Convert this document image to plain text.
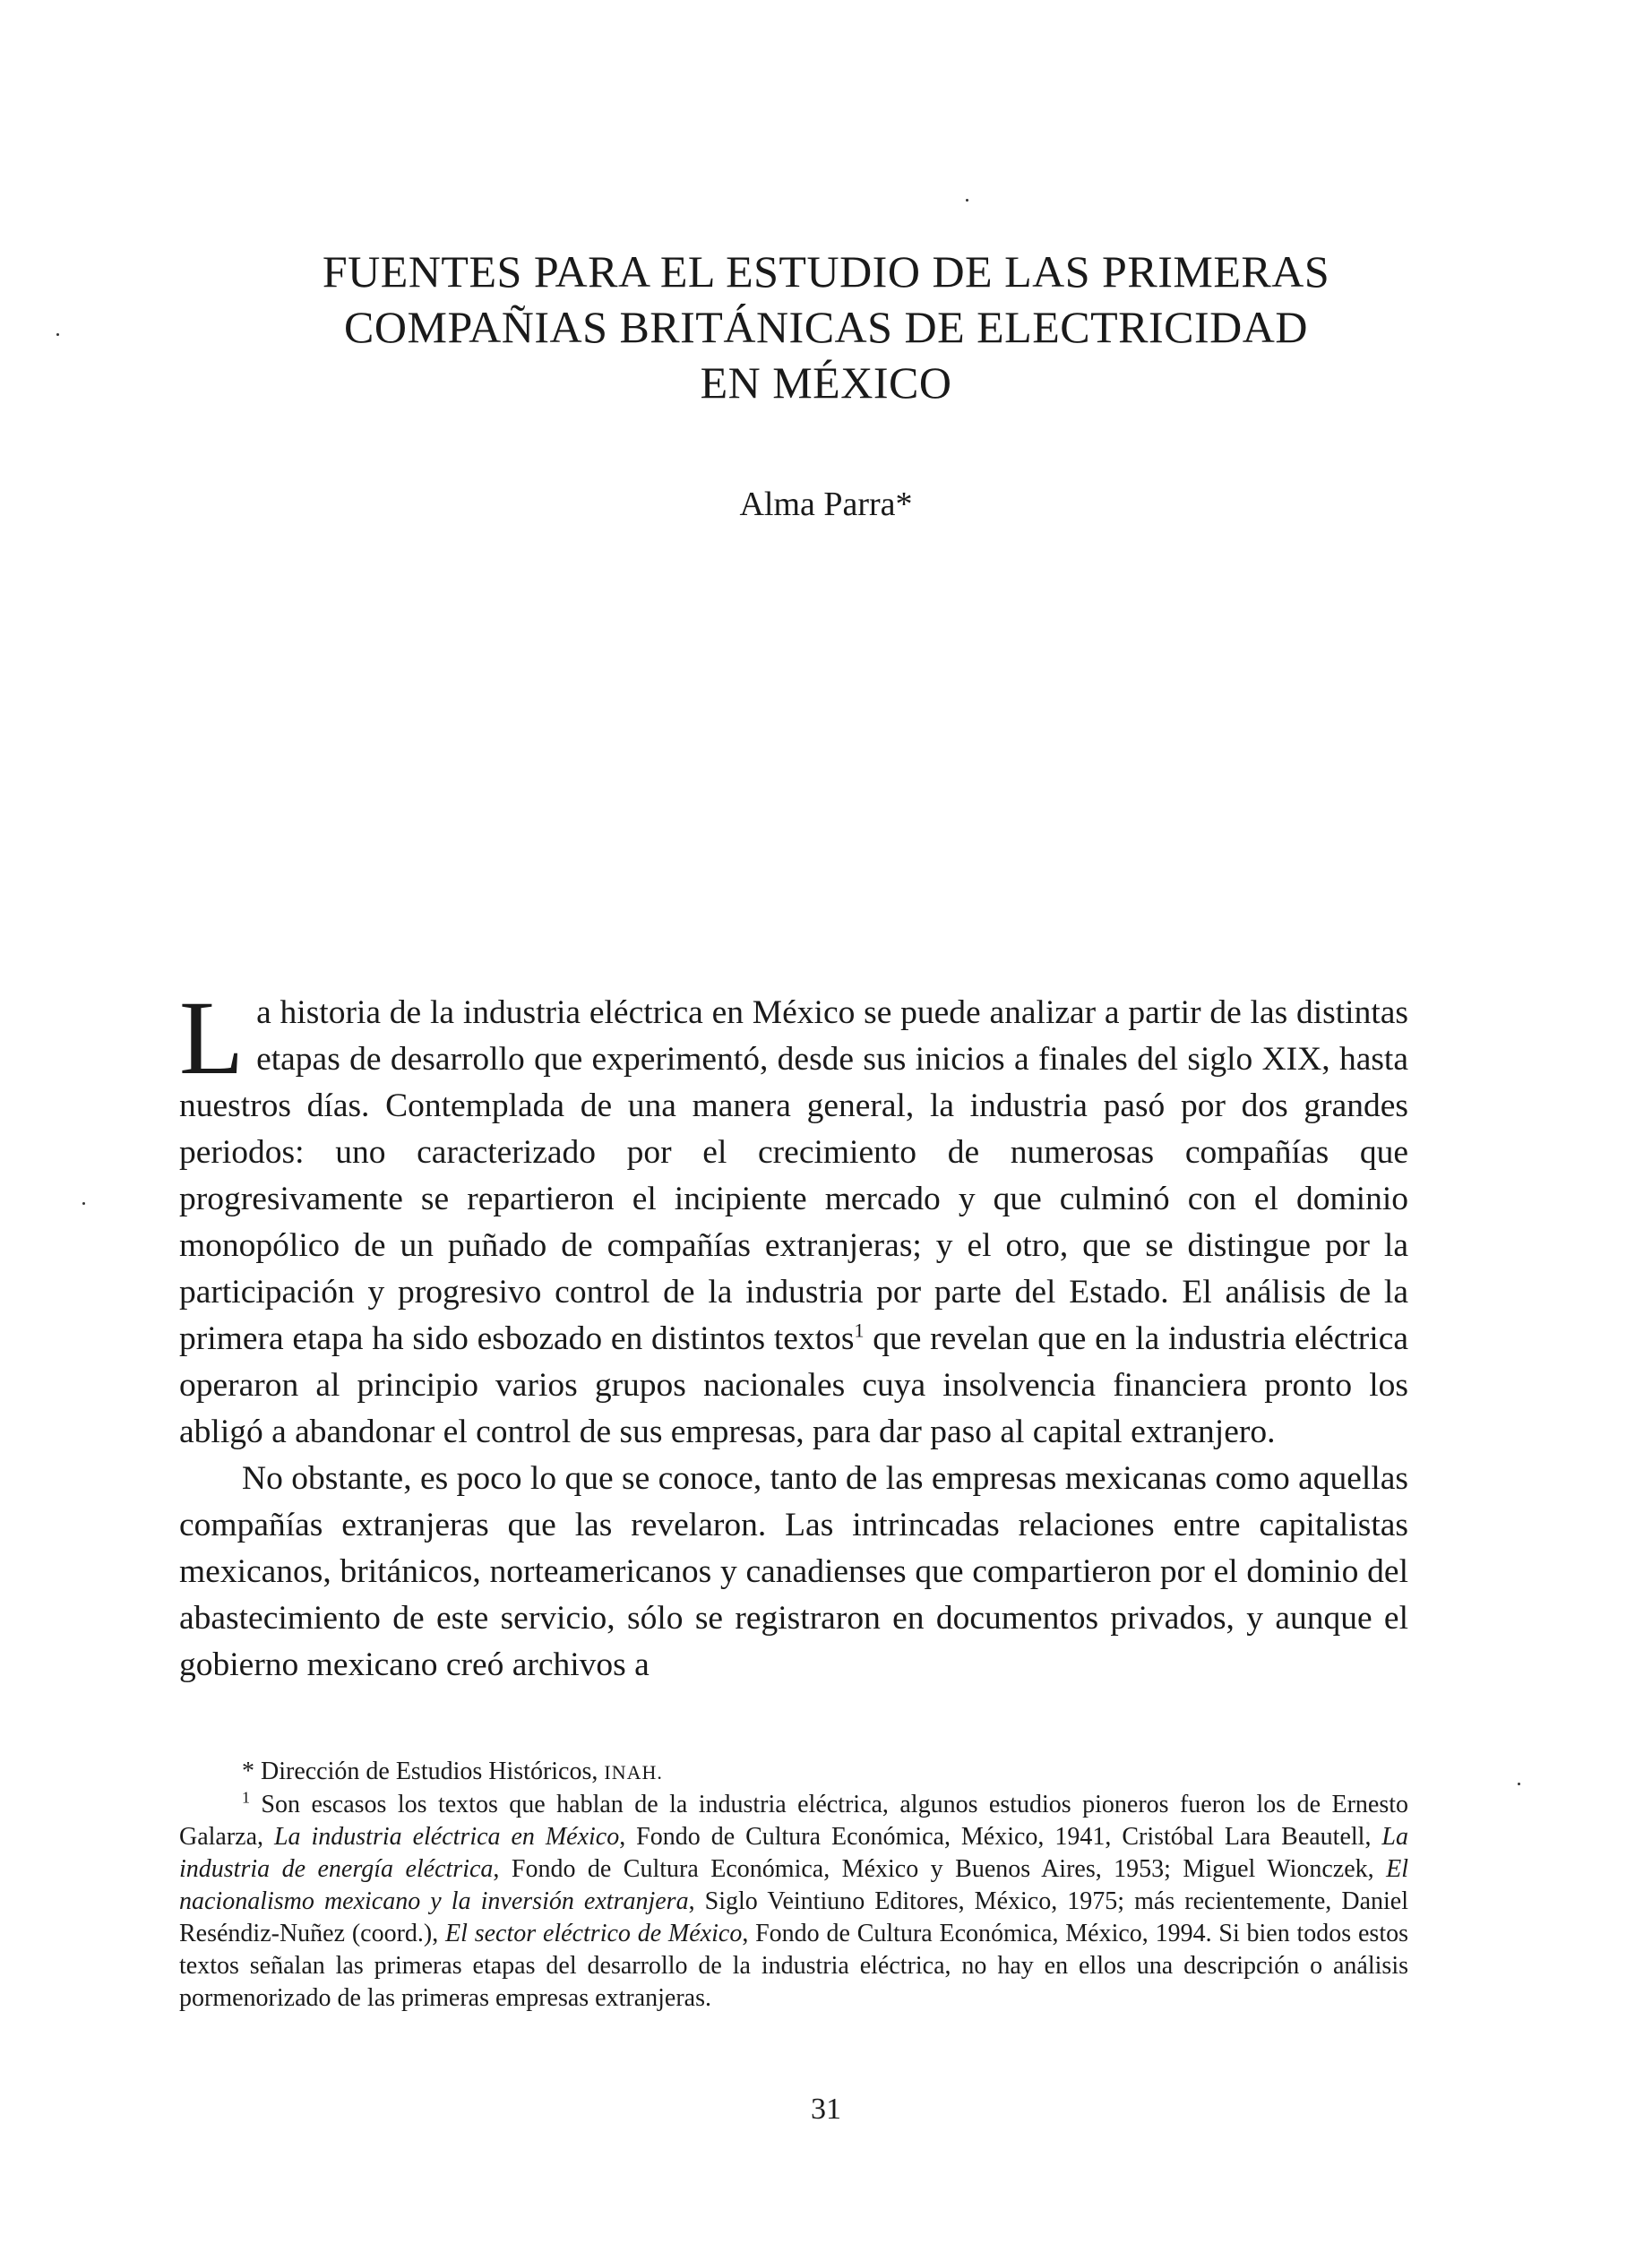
FUENTES PARA EL ESTUDIO DE LAS PRIMERAS
COMPAÑIAS BRITÁNICAS DE ELECTRICIDAD
EN MÉXICO
Alma Parra*

La historia de la industria eléctrica en México se puede analizar a partir de las distintas etapas de desarrollo que experimentó, desde sus inicios a finales del siglo XIX, hasta nuestros días. Contemplada de una manera general, la industria pasó por dos grandes periodos: uno caracterizado por el crecimiento de numerosas compañías que progresivamente se repartieron el incipiente mercado y que culminó con el dominio monopólico de un puñado de compañías extranjeras; y el otro, que se distingue por la participación y progresivo control de la industria por parte del Estado. El análisis de la primera etapa ha sido esbozado en distintos textos$^1$ que revelan que en la industria eléctrica operaron al principio varios grupos nacionales cuya insolvencia financiera pronto los abligó a abandonar el control de sus empresas, para dar paso al capital extranjero.

No obstante, es poco lo que se conoce, tanto de las empresas mexicanas como aquellas compañías extranjeras que las revelaron. Las intrincadas relaciones entre capitalistas mexicanos, británicos, norteamericanos y canadienses que compartieron por el dominio del abastecimiento de este servicio, sólo se registraron en documentos privados, y aunque el gobierno mexicano creó archivos a

* Dirección de Estudios Históricos, INAH.

$^1$ Son escasos los textos que hablan de la industria eléctrica, algunos estudios pioneros fueron los de Ernesto Galarza, La industria eléctrica en México, Fondo de Cultura Económica, México, 1941, Cristóbal Lara Beautell, La industria de energía eléctrica, Fondo de Cultura Económica, México y Buenos Aires, 1953; Miguel Wionczek, El nacionalismo mexicano y la inversión extranjera, Siglo Veintiuno Editores, México, 1975; más recientemente, Daniel Reséndiz-Nuñez (coord.), El sector eléctrico de México, Fondo de Cultura Económica, México, 1994. Si bien todos estos textos señalan las primeras etapas del desarrollo de la industria eléctrica, no hay en ellos una descripción o análisis pormenorizado de las primeras empresas extranjeras.

31
